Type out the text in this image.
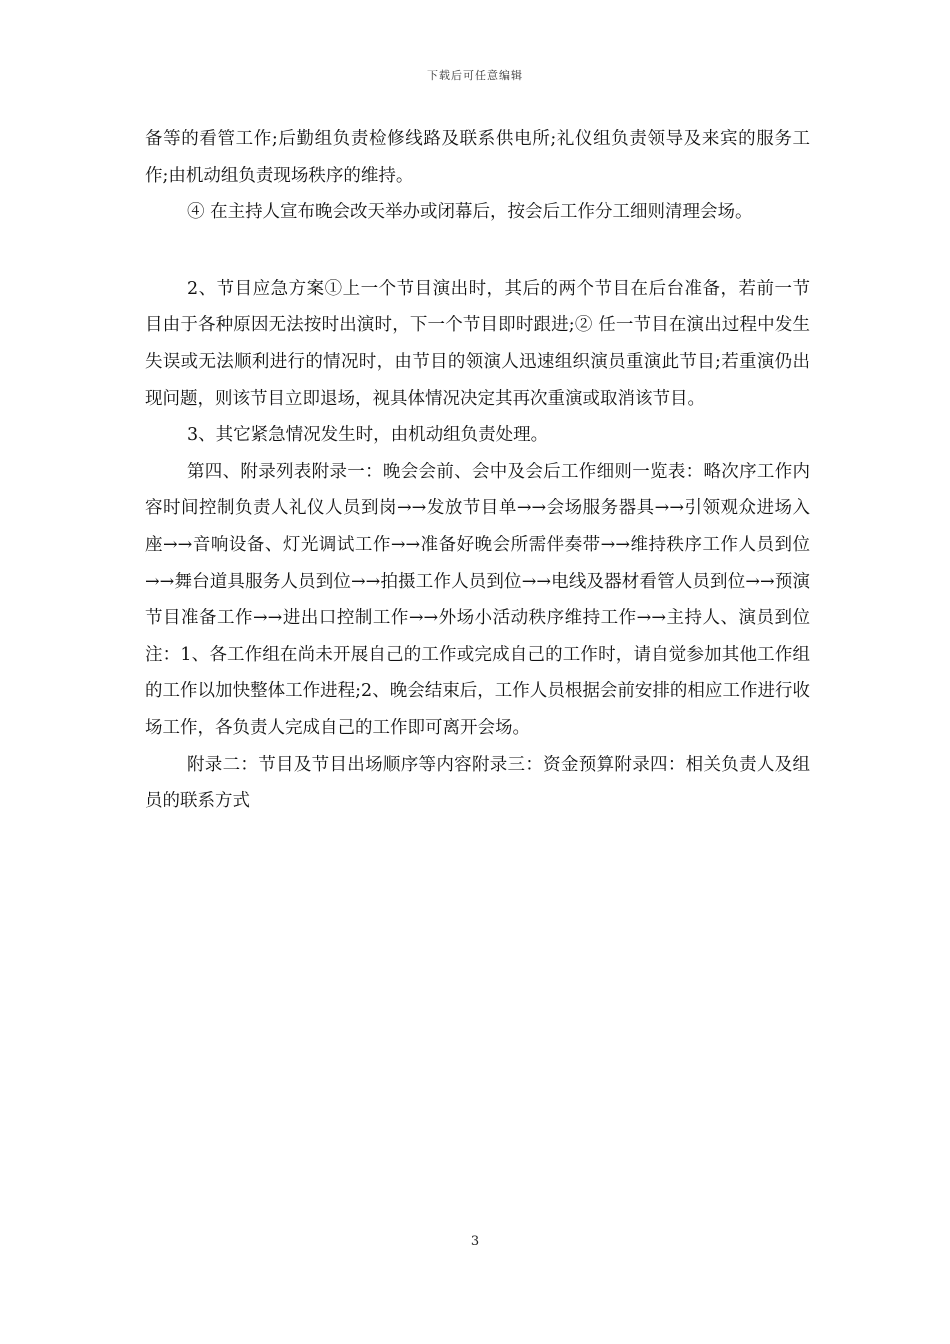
下载后可任意编辑

备等的看管工作;后勤组负责检修线路及联系供电所;礼仪组负责领导及来宾的服务工作;由机动组负责现场秩序的维持。

④ 在主持人宣布晚会改天举办或闭幕后，按会后工作分工细则清理会场。

2、节目应急方案①上一个节目演出时，其后的两个节目在后台准备，若前一节目由于各种原因无法按时出演时，下一个节目即时跟进;② 任一节目在演出过程中发生失误或无法顺利进行的情况时，由节目的领演人迅速组织演员重演此节目;若重演仍出现问题，则该节目立即退场，视具体情况决定其再次重演或取消该节目。

3、其它紧急情况发生时，由机动组负责处理。

第四、附录列表附录一：晚会会前、会中及会后工作细则一览表：略次序工作内容时间控制负责人礼仪人员到岗→→发放节目单→→会场服务器具→→引领观众进场入座→→音响设备、灯光调试工作→→准备好晚会所需伴奏带→→维持秩序工作人员到位→→舞台道具服务人员到位→→拍摄工作人员到位→→电线及器材看管人员到位→→预演节目准备工作→→进出口控制工作→→外场小活动秩序维持工作→→主持人、演员到位注：1、各工作组在尚未开展自己的工作或完成自己的工作时，请自觉参加其他工作组的工作以加快整体工作进程;2、晚会结束后，工作人员根据会前安排的相应工作进行收场工作，各负责人完成自己的工作即可离开会场。

附录二：节目及节目出场顺序等内容附录三：资金预算附录四：相关负责人及组员的联系方式

3
